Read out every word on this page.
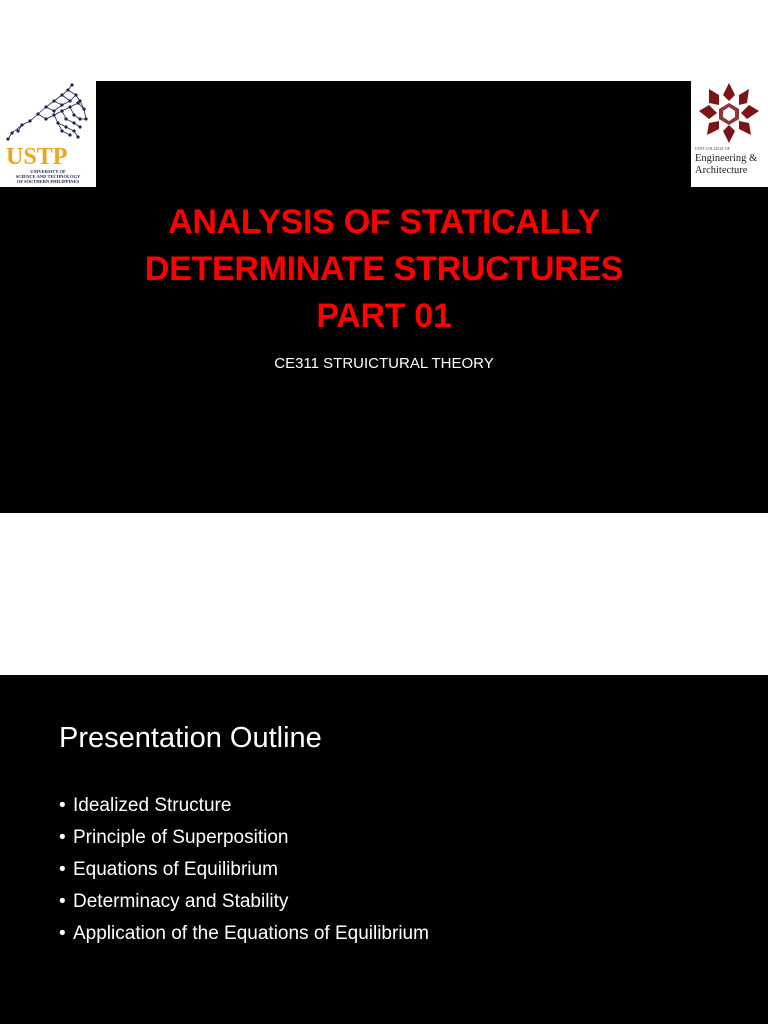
USTP
UNIVERSITY OF
SCIENCE AND TECHNOLOGY
OF SOUTHERN PHILIPPINES
UNIT COLLEGE OF
Engineering &
Architecture
ANALYSIS OF STATICALLY
DETERMINATE STRUCTURES
PART 01
CE311 STRUICTURAL THEORY
Presentation Outline
• Idealized Structure
• Principle of Superposition
• Equations of Equilibrium
• Determinacy and Stability
• Application of the Equations of Equilibrium
